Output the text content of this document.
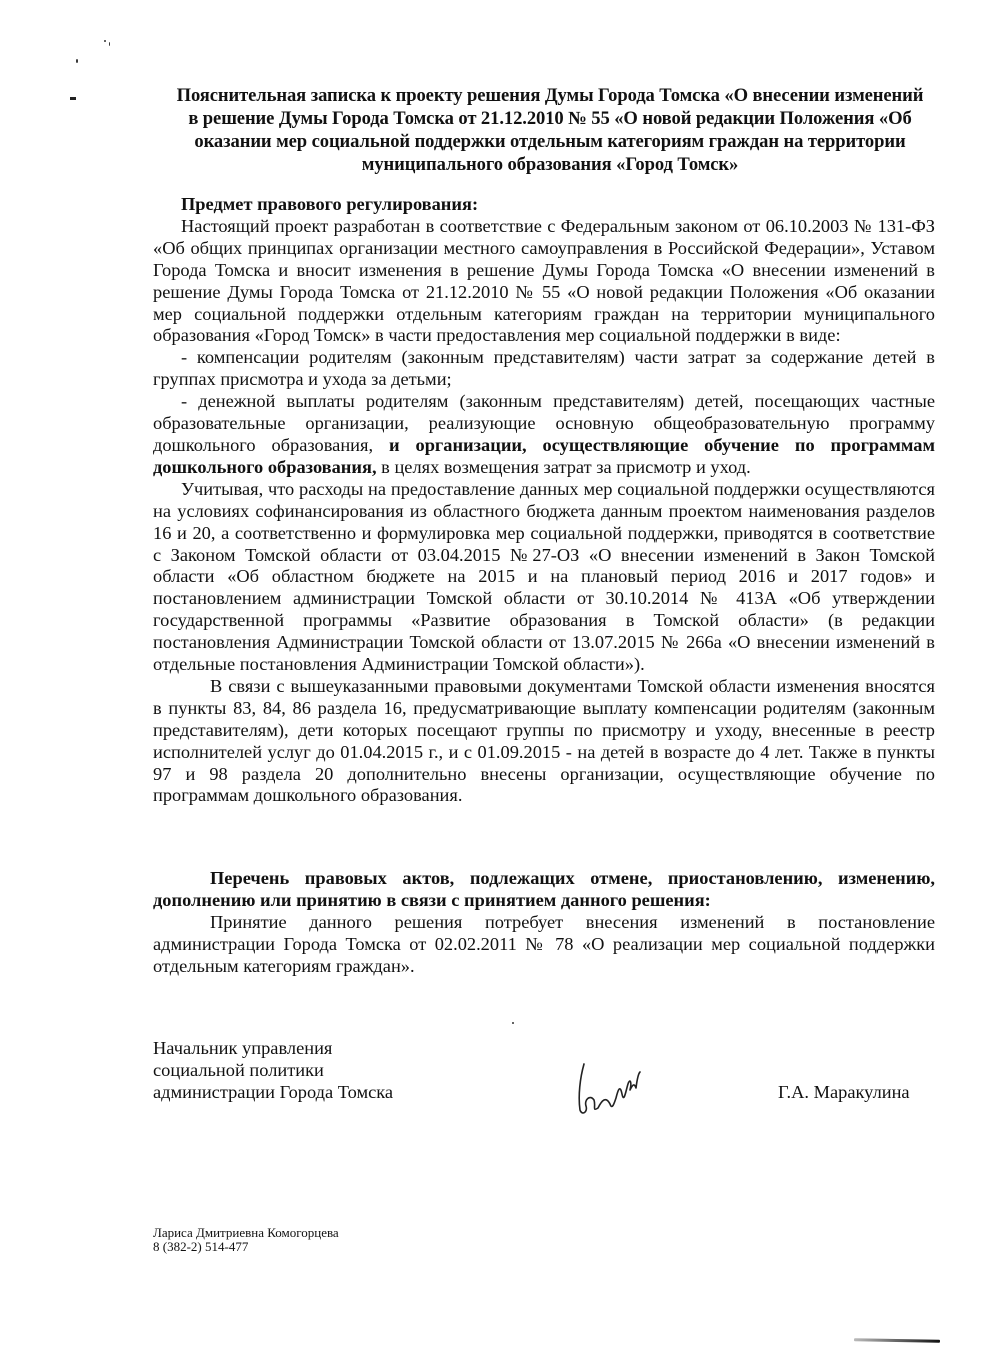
Пояснительная записка к проекту решения Думы Города Томска «О внесении изменений
в решение Думы Города Томска от 21.12.2010 № 55 «О новой редакции Положения «Об
оказании мер социальной поддержки отдельным категориям граждан на территории
муниципального образования «Город Томск»
Предмет правового регулирования:

Настоящий проект разработан в соответствие с Федеральным законом от 06.10.2003 № 131-ФЗ «Об общих принципах организации местного самоуправления в Российской Федерации», Уставом Города Томска и вносит изменения в решение Думы Города Томска «О внесении изменений в решение Думы Города Томска от 21.12.2010 № 55 «О новой редакции Положения «Об оказании мер социальной поддержки отдельным категориям граждан на территории муниципального образования «Город Томск» в части предоставления мер социальной поддержки в виде:

- компенсации родителям (законным представителям) части затрат за содержание детей в группах присмотра и ухода за детьми;

- денежной выплаты родителям (законным представителям) детей, посещающих частные образовательные организации, реализующие основную общеобразовательную программу дошкольного образования, и организации, осуществляющие обучение по программам дошкольного образования, в целях возмещения затрат за присмотр и уход.

Учитывая, что расходы на предоставление данных мер социальной поддержки осуществляются на условиях софинансирования из областного бюджета данным проектом наименования разделов 16 и 20, а соответственно и формулировка мер социальной поддержки, приводятся в соответствие с Законом Томской области от 03.04.2015 №27-ОЗ «О внесении изменений в Закон Томской области «Об областном бюджете на 2015 и на плановый период 2016 и 2017 годов» и постановлением администрации Томской области от 30.10.2014 № 413А «Об утверждении государственной программы «Развитие образования в Томской области» (в редакции постановления Администрации Томской области от 13.07.2015 № 266а «О внесении изменений в отдельные постановления Администрации Томской области»).

В связи с вышеуказанными правовыми документами Томской области изменения вносятся в пункты 83, 84, 86 раздела 16, предусматривающие выплату компенсации родителям (законным представителям), дети которых посещают группы по присмотру и уходу, внесенные в реестр исполнителей услуг до 01.04.2015 г., и с 01.09.2015 - на детей в возрасте до 4 лет. Также в пункты 97 и 98 раздела 20 дополнительно внесены организации, осуществляющие обучение по программам дошкольного образования.

Перечень правовых актов, подлежащих отмене, приостановлению, изменению, дополнению или принятию в связи с принятием данного решения:

Принятие данного решения потребует внесения изменений в постановление администрации Города Томска от 02.02.2011 № 78 «О реализации мер социальной поддержки отдельным категориям граждан».

Начальник управления
социальной политики
администрации Города Томска	Г.А. Маракулина
Лариса Дмитриевна Комогорцева
8 (382-2) 514-477
